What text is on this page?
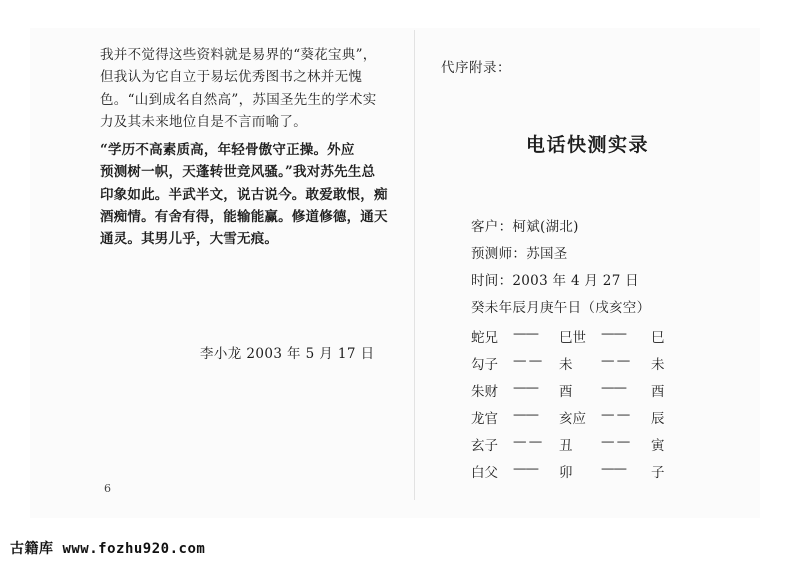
我并不觉得这些资料就是易界的“葵花宝典”，

但我认为它自立于易坛优秀图书之林并无愧

色。“山到成名自然高”，苏国圣先生的学术实

力及其未来地位自是不言而喻了。

“学历不高素质高，年轻骨傲守正操。外应

预测树一帜，天蓬转世竞风骚。”我对苏先生总

印象如此。半武半文，说古说今。敢爱敢恨，痴

酒痴情。有舍有得，能输能赢。修道修德，通天

通灵。其男儿乎，大雪无痕。

李小龙 2003 年 5 月 17 日
6
代序附录：
电话快测实录
客户：柯斌(湖北)
预测师：苏国圣
时间：2003 年 4 月 27 日
癸未年辰月庚午日（戌亥空）
蛇兄 —— 巳世 —— 巳
勾子 — — 未 — — 未
朱财 —— 酉 —— 酉
龙官 —— 亥应 — — 辰
玄子 — — 丑 — — 寅
白父 —— 卯 —— 子
古籍库 www.fozhu920.com
